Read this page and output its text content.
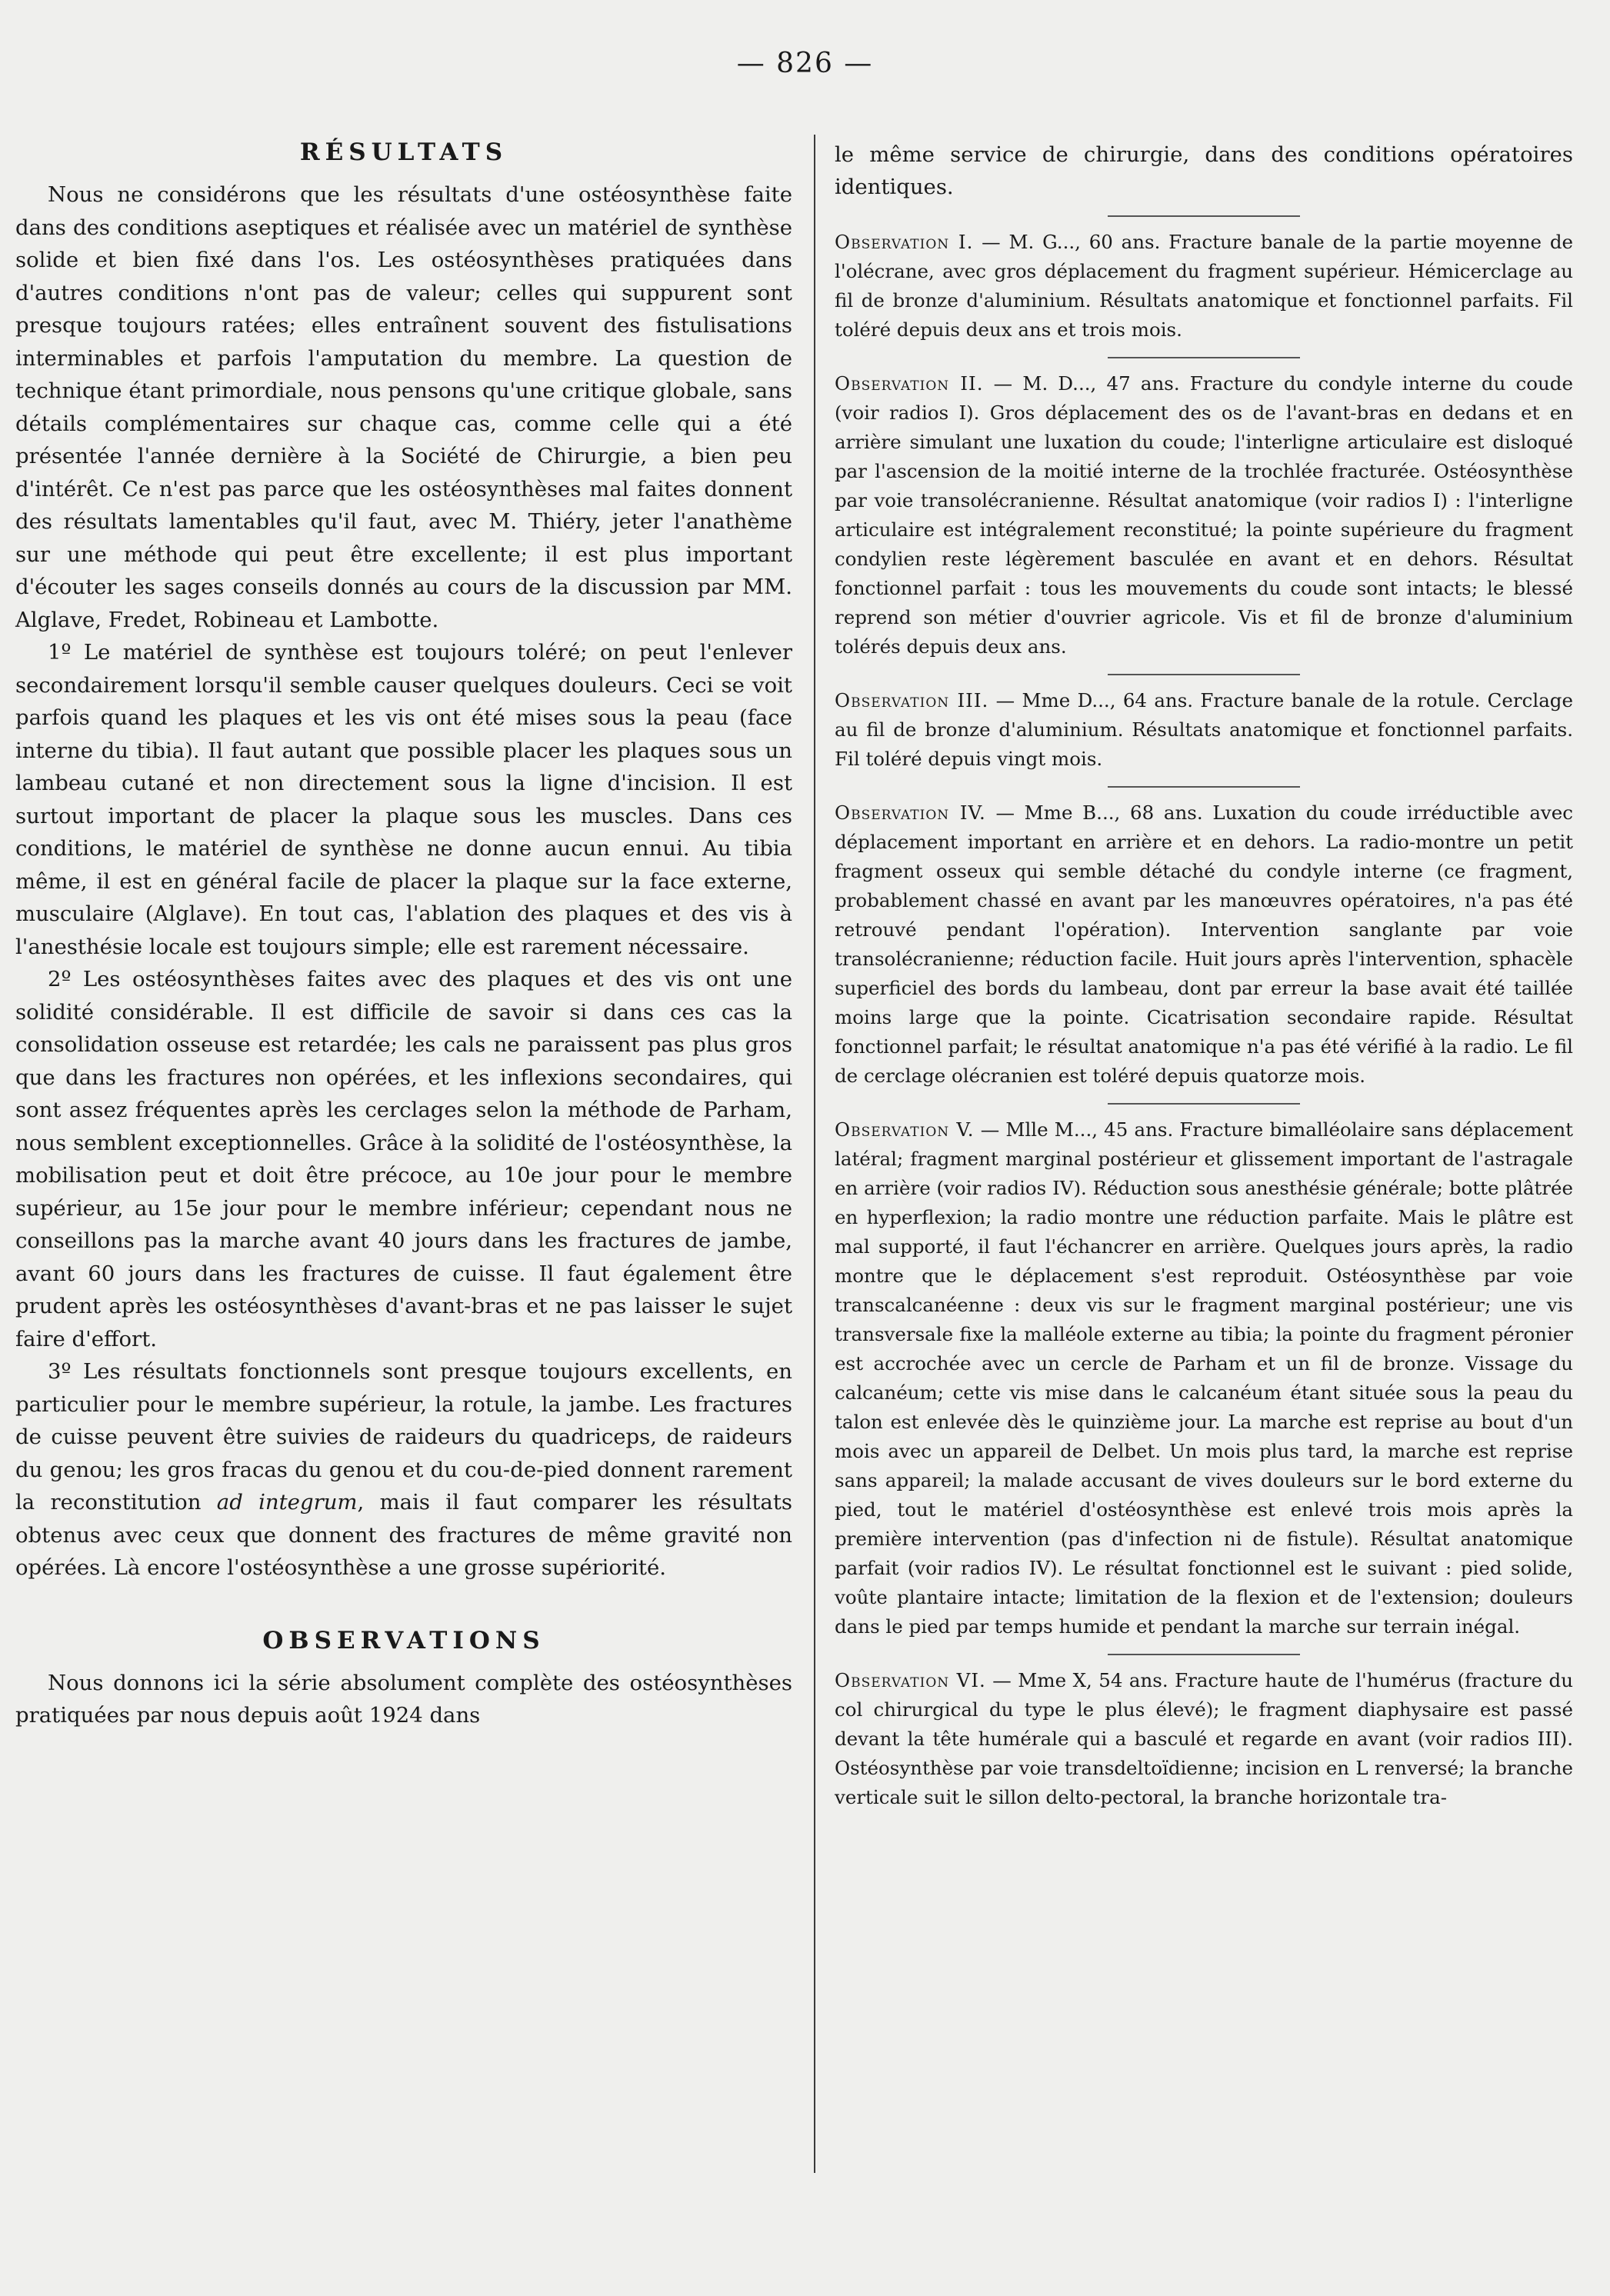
— 826 —
RÉSULTATS

Nous ne considérons que les résultats d'une ostéosynthèse faite dans des conditions aseptiques et réalisée avec un matériel de synthèse solide et bien fixé dans l'os. Les ostéosynthèses pratiquées dans d'autres conditions n'ont pas de valeur; celles qui suppurent sont presque toujours ratées; elles entraînent souvent des fistulisations interminables et parfois l'amputation du membre. La question de technique étant primordiale, nous pensons qu'une critique globale, sans détails complémentaires sur chaque cas, comme celle qui a été présentée l'année dernière à la Société de Chirurgie, a bien peu d'intérêt. Ce n'est pas parce que les ostéosynthèses mal faites donnent des résultats lamentables qu'il faut, avec M. Thiéry, jeter l'anathème sur une méthode qui peut être excellente; il est plus important d'écouter les sages conseils donnés au cours de la discussion par MM. Alglave, Fredet, Robineau et Lambotte.

1º Le matériel de synthèse est toujours toléré; on peut l'enlever secondairement lorsqu'il semble causer quelques douleurs. Ceci se voit parfois quand les plaques et les vis ont été mises sous la peau (face interne du tibia). Il faut autant que possible placer les plaques sous un lambeau cutané et non directement sous la ligne d'incision. Il est surtout important de placer la plaque sous les muscles. Dans ces conditions, le matériel de synthèse ne donne aucun ennui. Au tibia même, il est en général facile de placer la plaque sur la face externe, musculaire (Alglave). En tout cas, l'ablation des plaques et des vis à l'anesthésie locale est toujours simple; elle est rarement nécessaire.

2º Les ostéosynthèses faites avec des plaques et des vis ont une solidité considérable. Il est difficile de savoir si dans ces cas la consolidation osseuse est retardée; les cals ne paraissent pas plus gros que dans les fractures non opérées, et les inflexions secondaires, qui sont assez fréquentes après les cerclages selon la méthode de Parham, nous semblent exceptionnelles. Grâce à la solidité de l'ostéosynthèse, la mobilisation peut et doit être précoce, au 10e jour pour le membre supérieur, au 15e jour pour le membre inférieur; cependant nous ne conseillons pas la marche avant 40 jours dans les fractures de jambe, avant 60 jours dans les fractures de cuisse. Il faut également être prudent après les ostéosynthèses d'avant-bras et ne pas laisser le sujet faire d'effort.

3º Les résultats fonctionnels sont presque toujours excellents, en particulier pour le membre supérieur, la rotule, la jambe. Les fractures de cuisse peuvent être suivies de raideurs du quadriceps, de raideurs du genou; les gros fracas du genou et du cou-de-pied donnent rarement la reconstitution ad integrum, mais il faut comparer les résultats obtenus avec ceux que donnent des fractures de même gravité non opérées. Là encore l'ostéosynthèse a une grosse supériorité.

OBSERVATIONS

Nous donnons ici la série absolument complète des ostéosynthèses pratiquées par nous depuis août 1924 dans

le même service de chirurgie, dans des conditions opératoires identiques.

Observation I. — M. G..., 60 ans. Fracture banale de la partie moyenne de l'olécrane, avec gros déplacement du fragment supérieur. Hémicerclage au fil de bronze d'aluminium. Résultats anatomique et fonctionnel parfaits. Fil toléré depuis deux ans et trois mois.

Observation II. — M. D..., 47 ans. Fracture du condyle interne du coude (voir radios I). Gros déplacement des os de l'avant-bras en dedans et en arrière simulant une luxation du coude; l'interligne articulaire est disloqué par l'ascension de la moitié interne de la trochlée fracturée. Ostéosynthèse par voie transolécranienne. Résultat anatomique (voir radios I) : l'interligne articulaire est intégralement reconstitué; la pointe supérieure du fragment condylien reste légèrement basculée en avant et en dehors. Résultat fonctionnel parfait : tous les mouvements du coude sont intacts; le blessé reprend son métier d'ouvrier agricole. Vis et fil de bronze d'aluminium tolérés depuis deux ans.

Observation III. — Mme D..., 64 ans. Fracture banale de la rotule. Cerclage au fil de bronze d'aluminium. Résultats anatomique et fonctionnel parfaits. Fil toléré depuis vingt mois.

Observation IV. — Mme B..., 68 ans. Luxation du coude irréductible avec déplacement important en arrière et en dehors. La radio-montre un petit fragment osseux qui semble détaché du condyle interne (ce fragment, probablement chassé en avant par les manœuvres opératoires, n'a pas été retrouvé pendant l'opération). Intervention sanglante par voie transolécranienne; réduction facile. Huit jours après l'intervention, sphacèle superficiel des bords du lambeau, dont par erreur la base avait été taillée moins large que la pointe. Cicatrisation secondaire rapide. Résultat fonctionnel parfait; le résultat anatomique n'a pas été vérifié à la radio. Le fil de cerclage olécranien est toléré depuis quatorze mois.

Observation V. — Mlle M..., 45 ans. Fracture bimalléolaire sans déplacement latéral; fragment marginal postérieur et glissement important de l'astragale en arrière (voir radios IV). Réduction sous anesthésie générale; botte plâtrée en hyperflexion; la radio montre une réduction parfaite. Mais le plâtre est mal supporté, il faut l'échancrer en arrière. Quelques jours après, la radio montre que le déplacement s'est reproduit. Ostéosynthèse par voie transcalcanéenne : deux vis sur le fragment marginal postérieur; une vis transversale fixe la malléole externe au tibia; la pointe du fragment péronier est accrochée avec un cercle de Parham et un fil de bronze. Vissage du calcanéum; cette vis mise dans le calcanéum étant située sous la peau du talon est enlevée dès le quinzième jour. La marche est reprise au bout d'un mois avec un appareil de Delbet. Un mois plus tard, la marche est reprise sans appareil; la malade accusant de vives douleurs sur le bord externe du pied, tout le matériel d'ostéosynthèse est enlevé trois mois après la première intervention (pas d'infection ni de fistule). Résultat anatomique parfait (voir radios IV). Le résultat fonctionnel est le suivant : pied solide, voûte plantaire intacte; limitation de la flexion et de l'extension; douleurs dans le pied par temps humide et pendant la marche sur terrain inégal.

Observation VI. — Mme X, 54 ans. Fracture haute de l'humérus (fracture du col chirurgical du type le plus élevé); le fragment diaphysaire est passé devant la tête humérale qui a basculé et regarde en avant (voir radios III). Ostéosynthèse par voie transdeltoïdienne; incision en L renversé; la branche verticale suit le sillon delto-pectoral, la branche horizontale tra-
